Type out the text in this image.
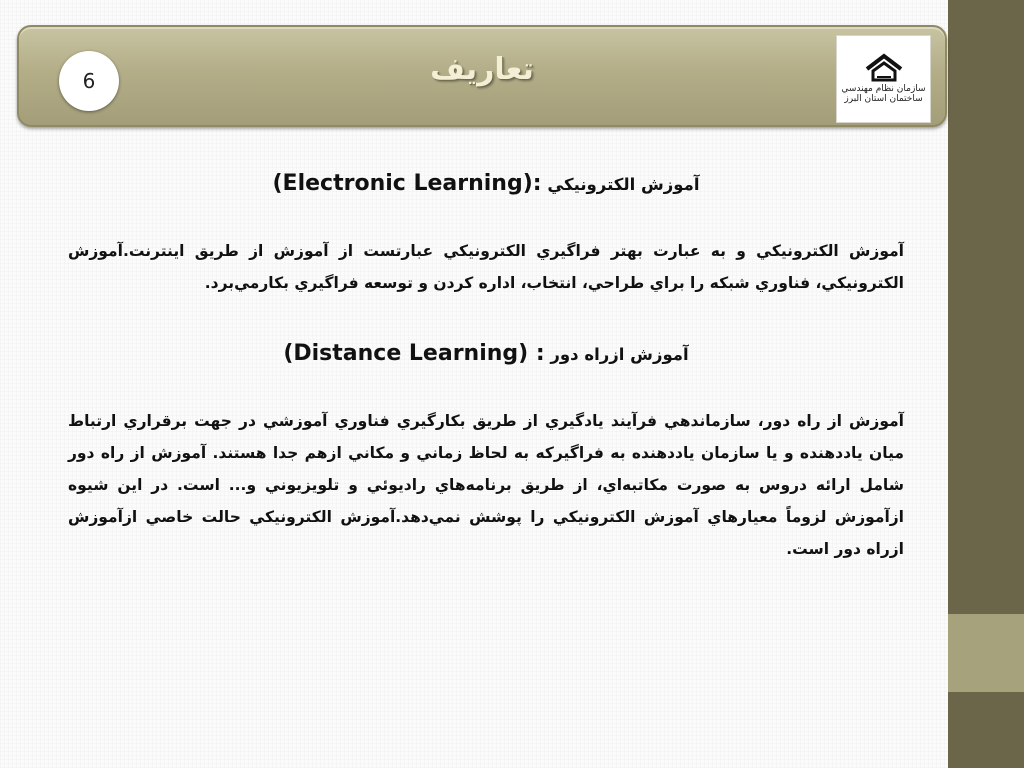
6	تعاريف
سازمان نظام مهندسي ساختمان استان البرز
آموزش الكترونيكي (Electronic Learning):
آموزش الكترونيكي و به عبارت بهتر فراگيري الكترونيكي عبارتست از آموزش از طريق اينترنت.آموزش الكترونيكي، فناوري شبكه را براي طراحي، انتخاب، اداره كردن و توسعه فراگيري بكارمي‌برد.
آموزش ازراه دور (Distance Learning) :
آموزش از راه دور، سازماندهي فرآيند يادگيري از طريق بكارگيري فناوري آموزشي در جهت برقراري ارتباط ميان یاددهنده و يا سازمان یاددهنده به فراگيركه به لحاظ زماني و مكاني ازهم جدا هستند. آموزش از راه دور شامل ارائه دروس به صورت مكاتبه‌اي، از طريق برنامه‌هاي راديوئي و تلويزيوني و... است. در اين شيوه ازآموزش لزوماً معيارهاي آموزش الكترونيكي را پوشش نمي‌دهد.آموزش الكترونيكي حالت خاصي ازآموزش ازراه دور است.
